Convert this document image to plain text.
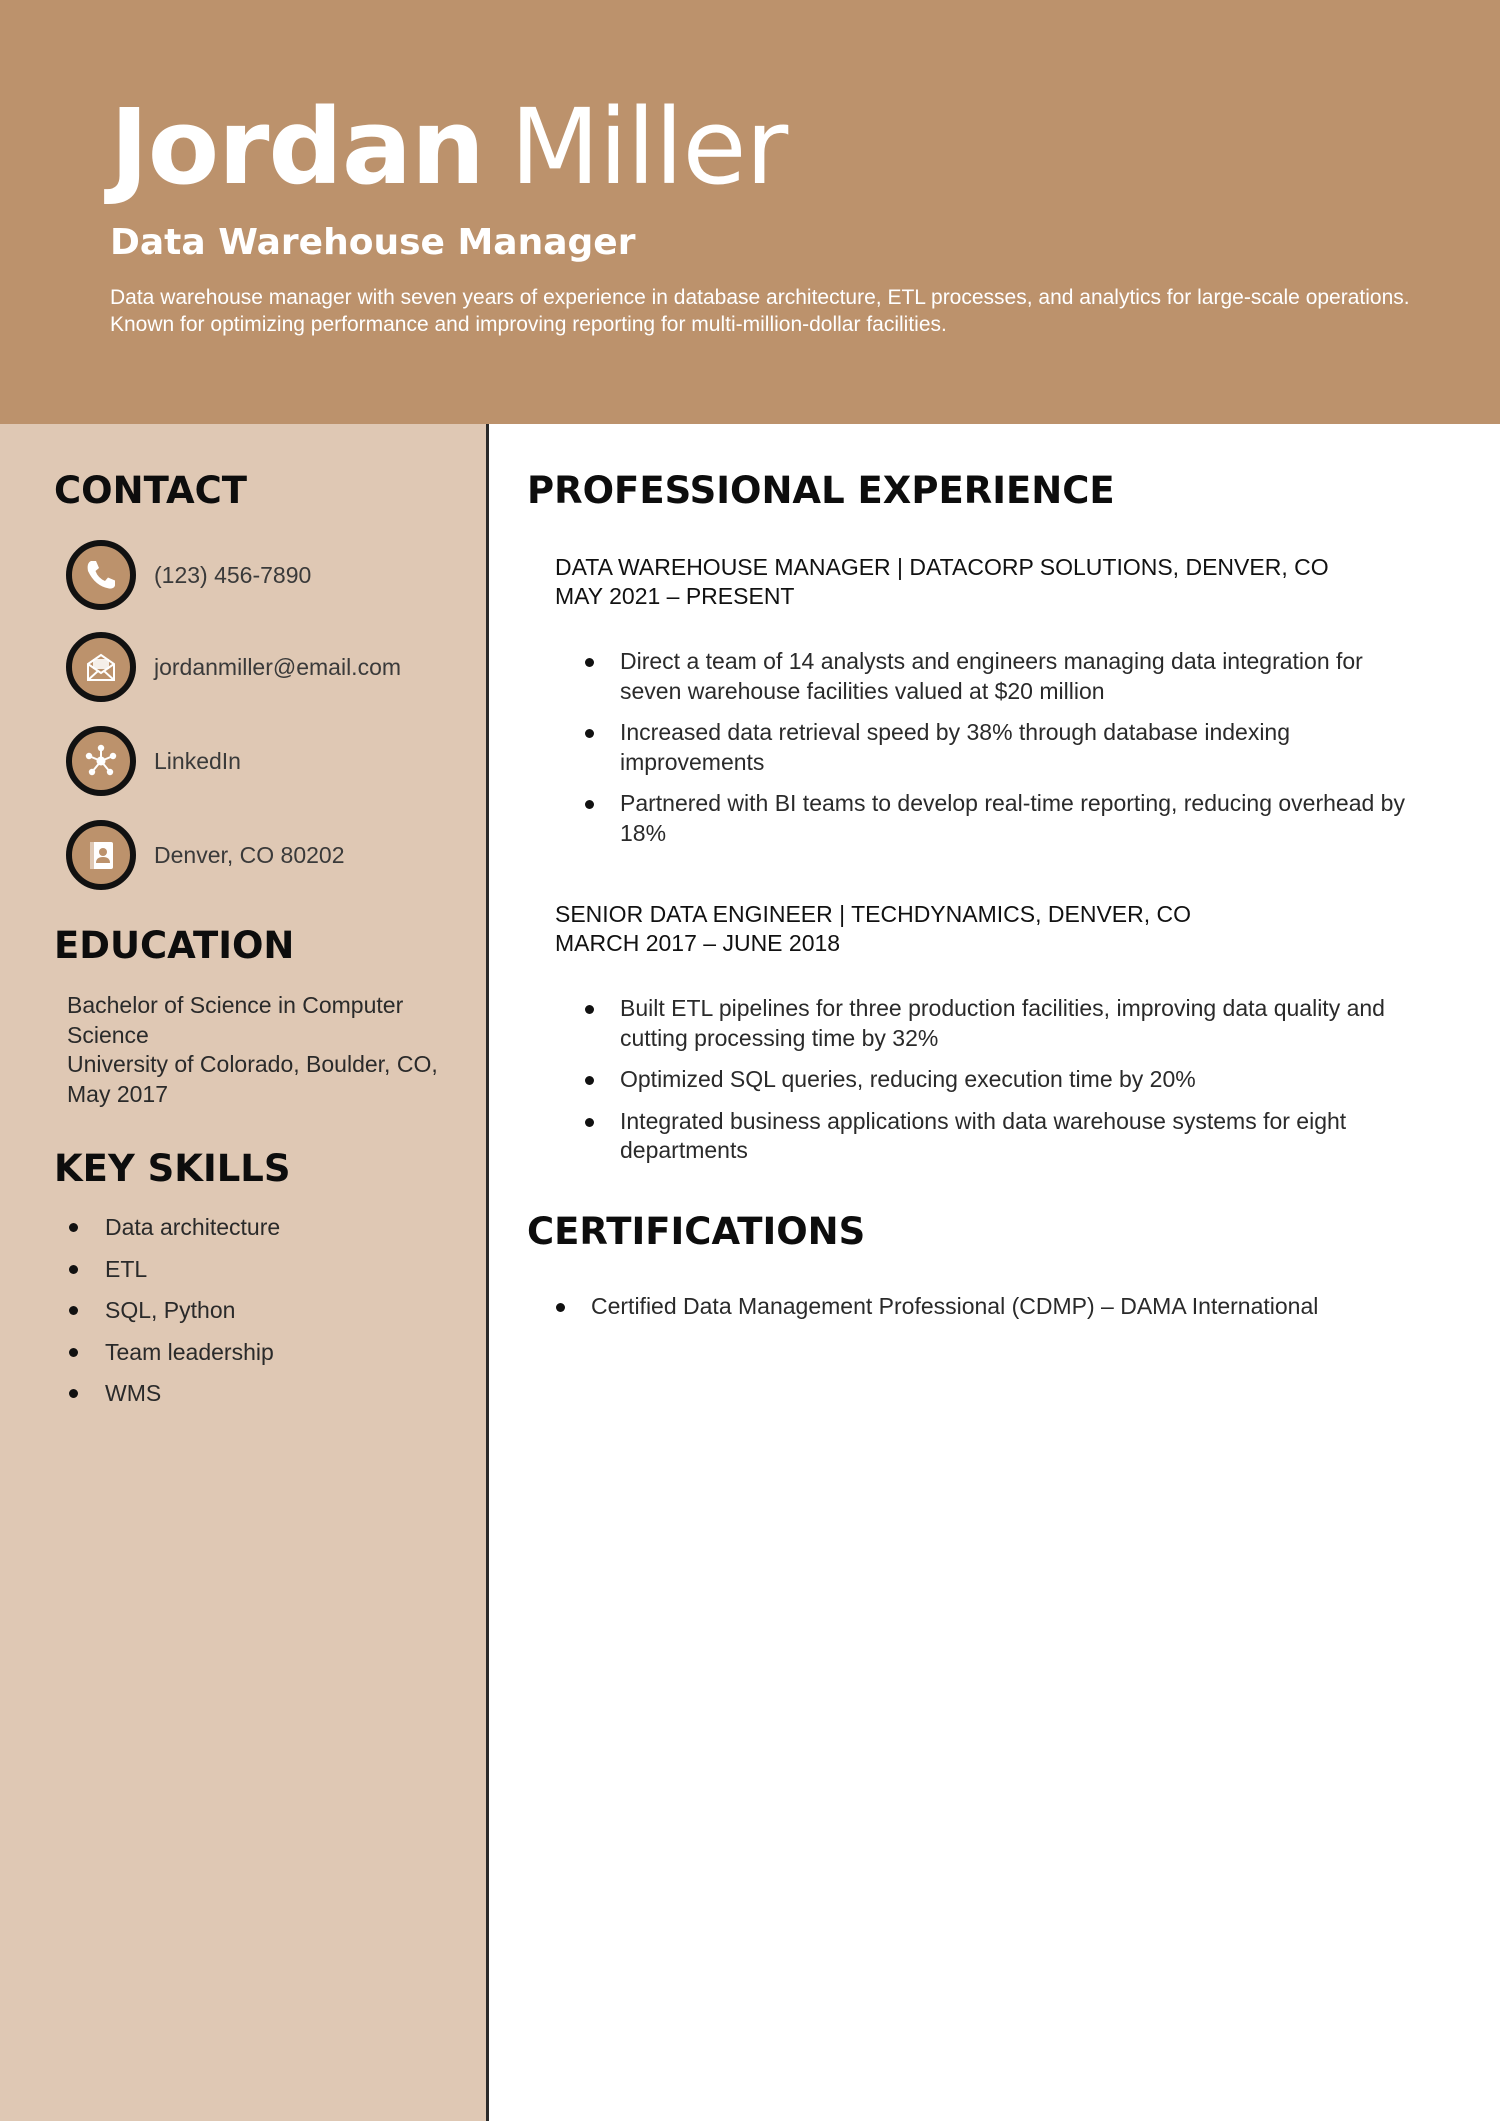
Jordan Miller
Data Warehouse Manager
Data warehouse manager with seven years of experience in database architecture, ETL processes, and analytics for large-scale operations. Known for optimizing performance and improving reporting for multi-million-dollar facilities.
CONTACT
(123) 456-7890
jordanmiller@email.com
LinkedIn
Denver, CO 80202
EDUCATION
Bachelor of Science in Computer Science
University of Colorado, Boulder, CO, May 2017
KEY SKILLS
Data architecture
ETL
SQL, Python
Team leadership
WMS
PROFESSIONAL EXPERIENCE
DATA WAREHOUSE MANAGER | DATACORP SOLUTIONS, DENVER, CO
MAY 2021 – PRESENT
Direct a team of 14 analysts and engineers managing data integration for seven warehouse facilities valued at $20 million
Increased data retrieval speed by 38% through database indexing improvements
Partnered with BI teams to develop real-time reporting, reducing overhead by 18%
SENIOR DATA ENGINEER | TECHDYNAMICS, DENVER, CO
MARCH 2017 – JUNE 2018
Built ETL pipelines for three production facilities, improving data quality and cutting processing time by 32%
Optimized SQL queries, reducing execution time by 20%
Integrated business applications with data warehouse systems for eight departments
CERTIFICATIONS
Certified Data Management Professional (CDMP) – DAMA International
